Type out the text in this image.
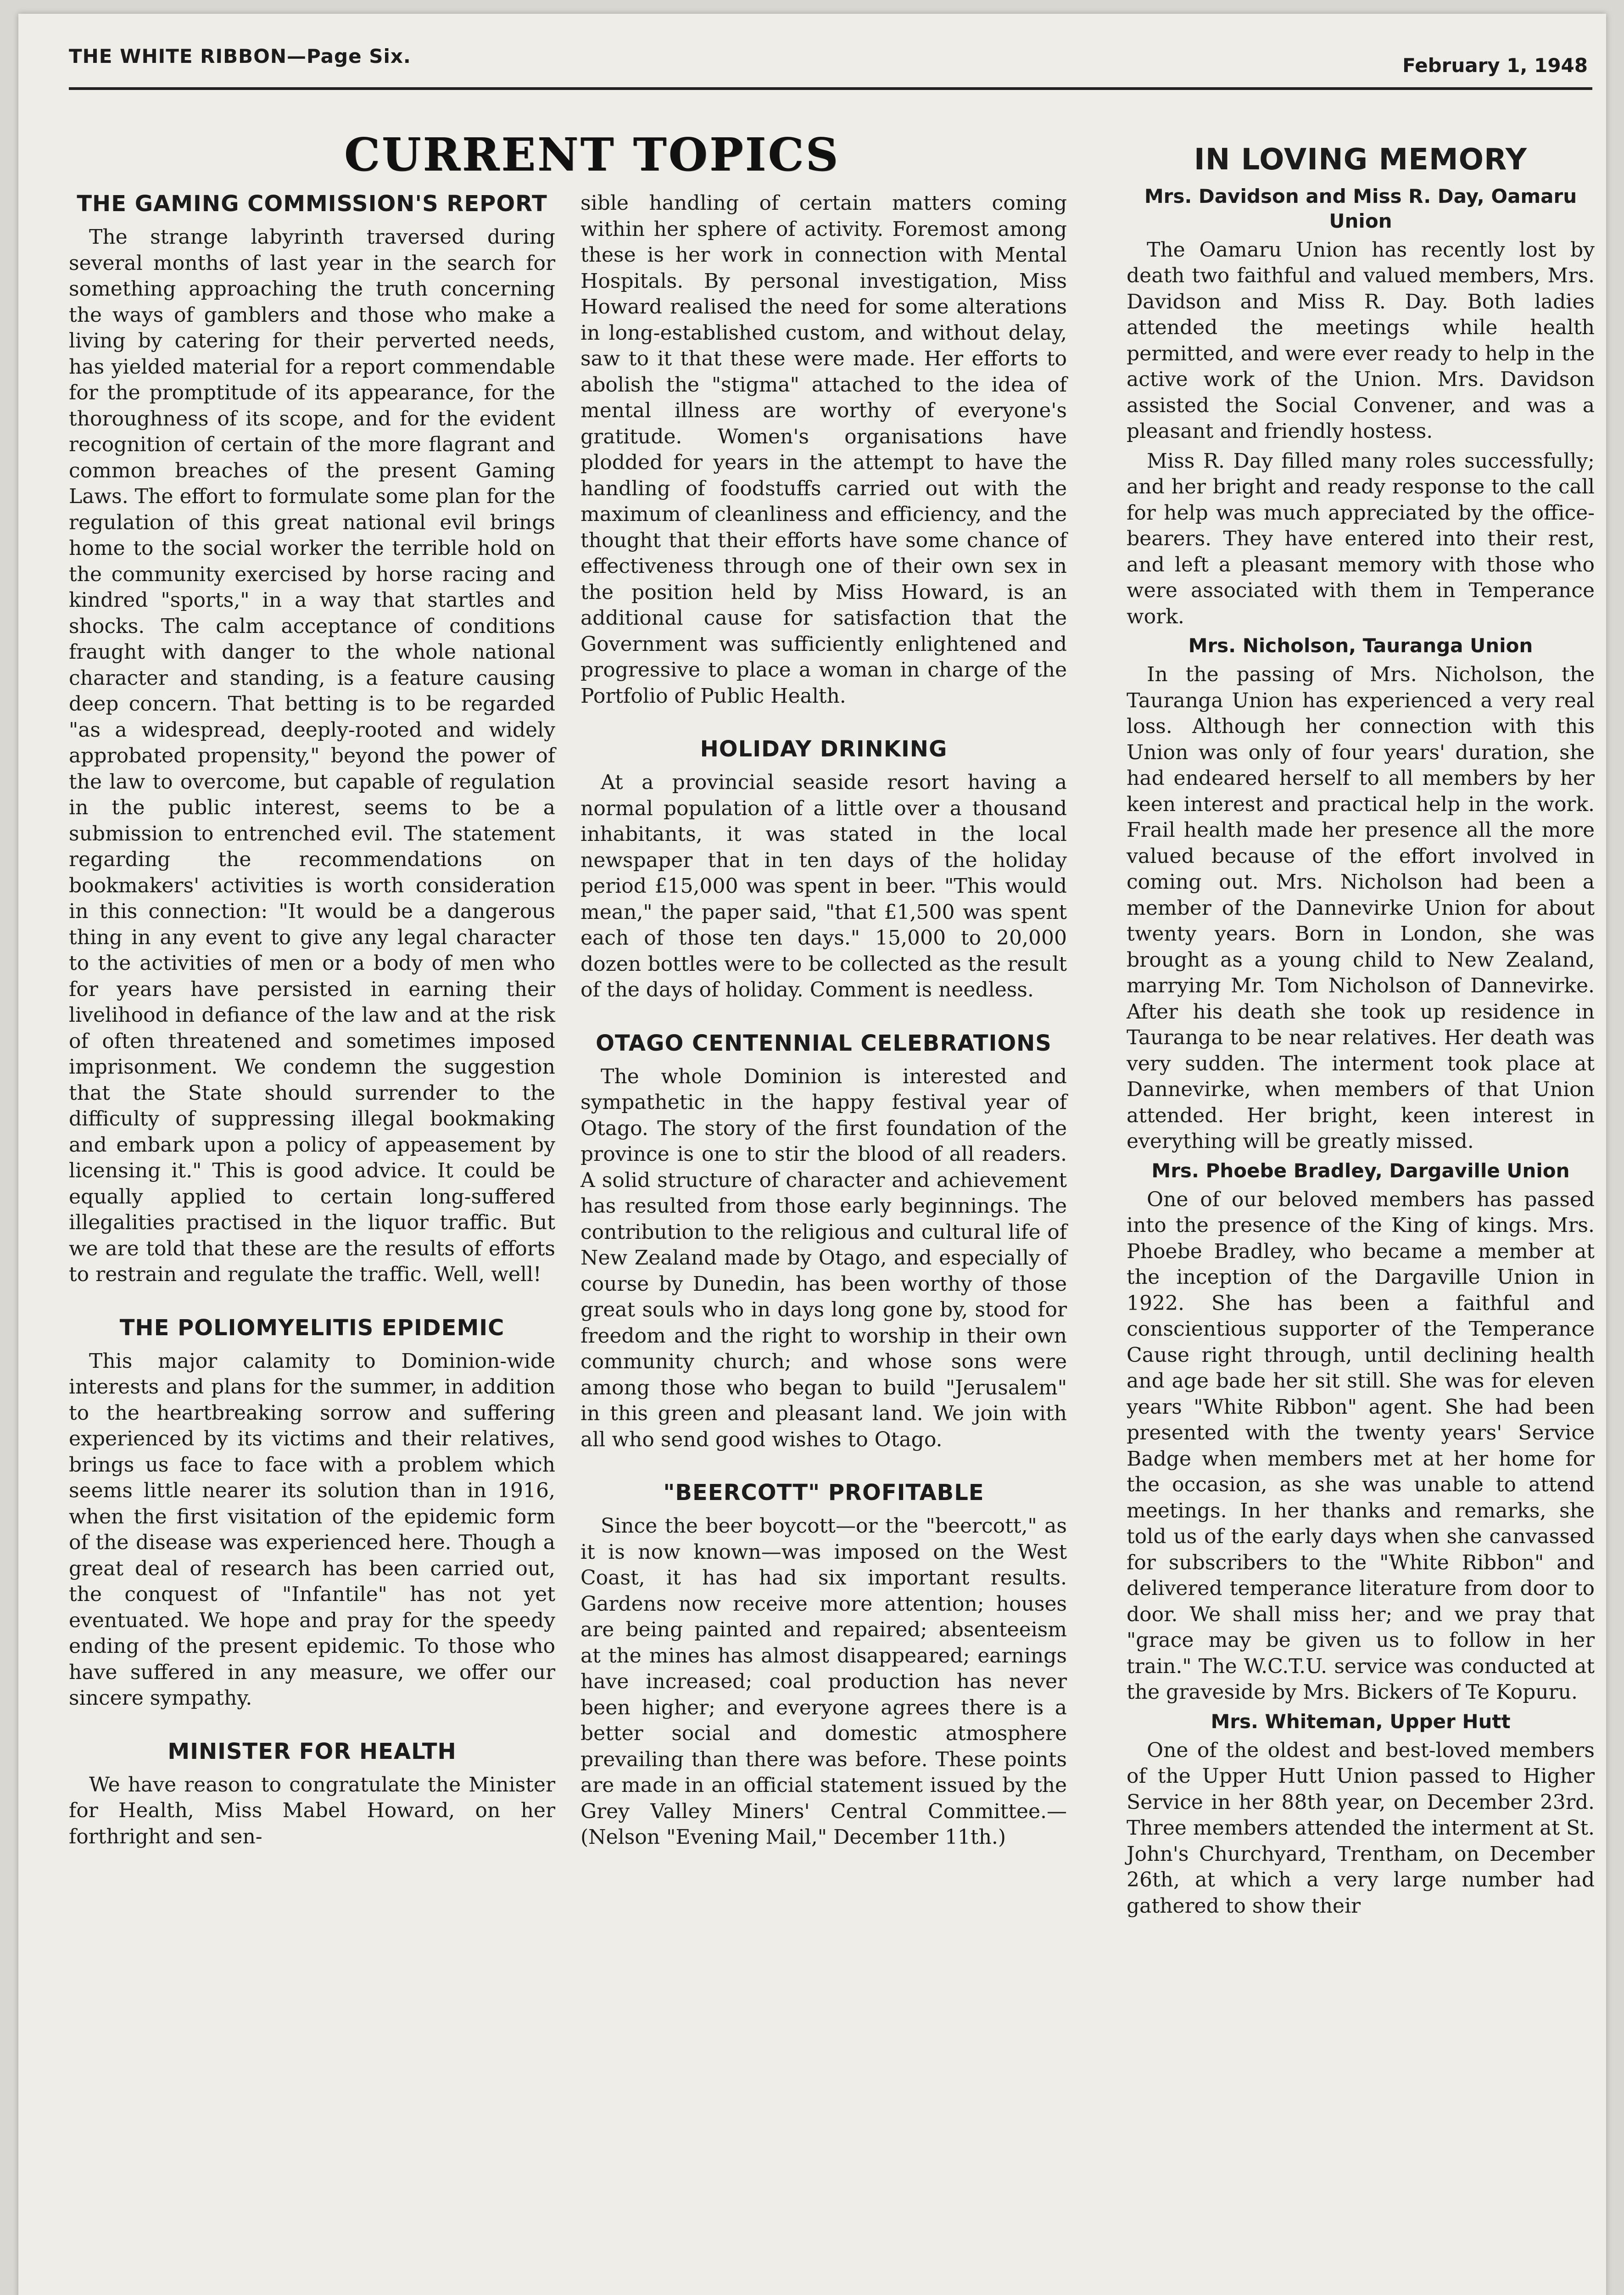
THE WHITE RIBBON—Page Six.	February 1, 1948
CURRENT TOPICS
THE GAMING COMMISSION'S REPORT

The strange labyrinth traversed during several months of last year in the search for something approaching the truth concerning the ways of gamblers and those who make a living by catering for their perverted needs, has yielded material for a report commendable for the promptitude of its appearance, for the thoroughness of its scope, and for the evident recognition of certain of the more flagrant and common breaches of the present Gaming Laws. The effort to formulate some plan for the regulation of this great national evil brings home to the social worker the terrible hold on the community exercised by horse racing and kindred "sports," in a way that startles and shocks. The calm acceptance of conditions fraught with danger to the whole national character and standing, is a feature causing deep concern. That betting is to be regarded "as a widespread, deeply-rooted and widely approbated propensity," beyond the power of the law to overcome, but capable of regulation in the public interest, seems to be a submission to entrenched evil. The statement regarding the recommendations on bookmakers' activities is worth consideration in this connection: "It would be a dangerous thing in any event to give any legal character to the activities of men or a body of men who for years have persisted in earning their livelihood in defiance of the law and at the risk of often threatened and sometimes imposed imprisonment. We condemn the suggestion that the State should surrender to the difficulty of suppressing illegal bookmaking and embark upon a policy of appeasement by licensing it." This is good advice. It could be equally applied to certain long-suffered illegalities practised in the liquor traffic. But we are told that these are the results of efforts to restrain and regulate the traffic. Well, well!

THE POLIOMYELITIS EPIDEMIC

This major calamity to Dominion-wide interests and plans for the summer, in addition to the heartbreaking sorrow and suffering experienced by its victims and their relatives, brings us face to face with a problem which seems little nearer its solution than in 1916, when the first visitation of the epidemic form of the disease was experienced here. Though a great deal of research has been carried out, the conquest of "Infantile" has not yet eventuated. We hope and pray for the speedy ending of the present epidemic. To those who have suffered in any measure, we offer our sincere sympathy.

MINISTER FOR HEALTH

We have reason to congratulate the Minister for Health, Miss Mabel Howard, on her forthright and sen-

sible handling of certain matters coming within her sphere of activity. Foremost among these is her work in connection with Mental Hospitals. By personal investigation, Miss Howard realised the need for some alterations in long-established custom, and without delay, saw to it that these were made. Her efforts to abolish the "stigma" attached to the idea of mental illness are worthy of everyone's gratitude. Women's organisations have plodded for years in the attempt to have the handling of foodstuffs carried out with the maximum of cleanliness and efficiency, and the thought that their efforts have some chance of effectiveness through one of their own sex in the position held by Miss Howard, is an additional cause for satisfaction that the Government was sufficiently enlightened and progressive to place a woman in charge of the Portfolio of Public Health.

HOLIDAY DRINKING

At a provincial seaside resort having a normal population of a little over a thousand inhabitants, it was stated in the local newspaper that in ten days of the holiday period £15,000 was spent in beer. "This would mean," the paper said, "that £1,500 was spent each of those ten days." 15,000 to 20,000 dozen bottles were to be collected as the result of the days of holiday. Comment is needless.

OTAGO CENTENNIAL CELEBRATIONS

The whole Dominion is interested and sympathetic in the happy festival year of Otago. The story of the first foundation of the province is one to stir the blood of all readers. A solid structure of character and achievement has resulted from those early beginnings. The contribution to the religious and cultural life of New Zealand made by Otago, and especially of course by Dunedin, has been worthy of those great souls who in days long gone by, stood for freedom and the right to worship in their own community church; and whose sons were among those who began to build "Jerusalem" in this green and pleasant land. We join with all who send good wishes to Otago.

"BEERCOTT" PROFITABLE

Since the beer boycott—or the "beercott," as it is now known—was imposed on the West Coast, it has had six important results. Gardens now receive more attention; houses are being painted and repaired; absenteeism at the mines has almost disappeared; earnings have increased; coal production has never been higher; and everyone agrees there is a better social and domestic atmosphere prevailing than there was before. These points are made in an official statement issued by the Grey Valley Miners' Central Committee.—(Nelson "Evening Mail," December 11th.)

IN LOVING MEMORY
Mrs. Davidson and Miss R. Day, Oamaru Union

The Oamaru Union has recently lost by death two faithful and valued members, Mrs. Davidson and Miss R. Day. Both ladies attended the meetings while health permitted, and were ever ready to help in the active work of the Union. Mrs. Davidson assisted the Social Convener, and was a pleasant and friendly hostess.

Miss R. Day filled many roles successfully; and her bright and ready response to the call for help was much appreciated by the office-bearers. They have entered into their rest, and left a pleasant memory with those who were associated with them in Temperance work.

Mrs. Nicholson, Tauranga Union

In the passing of Mrs. Nicholson, the Tauranga Union has experienced a very real loss. Although her connection with this Union was only of four years' duration, she had endeared herself to all members by her keen interest and practical help in the work. Frail health made her presence all the more valued because of the effort involved in coming out. Mrs. Nicholson had been a member of the Dannevirke Union for about twenty years. Born in London, she was brought as a young child to New Zealand, marrying Mr. Tom Nicholson of Dannevirke. After his death she took up residence in Tauranga to be near relatives. Her death was very sudden. The interment took place at Dannevirke, when members of that Union attended. Her bright, keen interest in everything will be greatly missed.

Mrs. Phoebe Bradley, Dargaville Union

One of our beloved members has passed into the presence of the King of kings. Mrs. Phoebe Bradley, who became a member at the inception of the Dargaville Union in 1922. She has been a faithful and conscientious supporter of the Temperance Cause right through, until declining health and age bade her sit still. She was for eleven years "White Ribbon" agent. She had been presented with the twenty years' Service Badge when members met at her home for the occasion, as she was unable to attend meetings. In her thanks and remarks, she told us of the early days when she canvassed for subscribers to the "White Ribbon" and delivered temperance literature from door to door. We shall miss her; and we pray that "grace may be given us to follow in her train." The W.C.T.U. service was conducted at the graveside by Mrs. Bickers of Te Kopuru.

Mrs. Whiteman, Upper Hutt

One of the oldest and best-loved members of the Upper Hutt Union passed to Higher Service in her 88th year, on December 23rd. Three members attended the interment at St. John's Churchyard, Trentham, on December 26th, at which a very large number had gathered to show their
